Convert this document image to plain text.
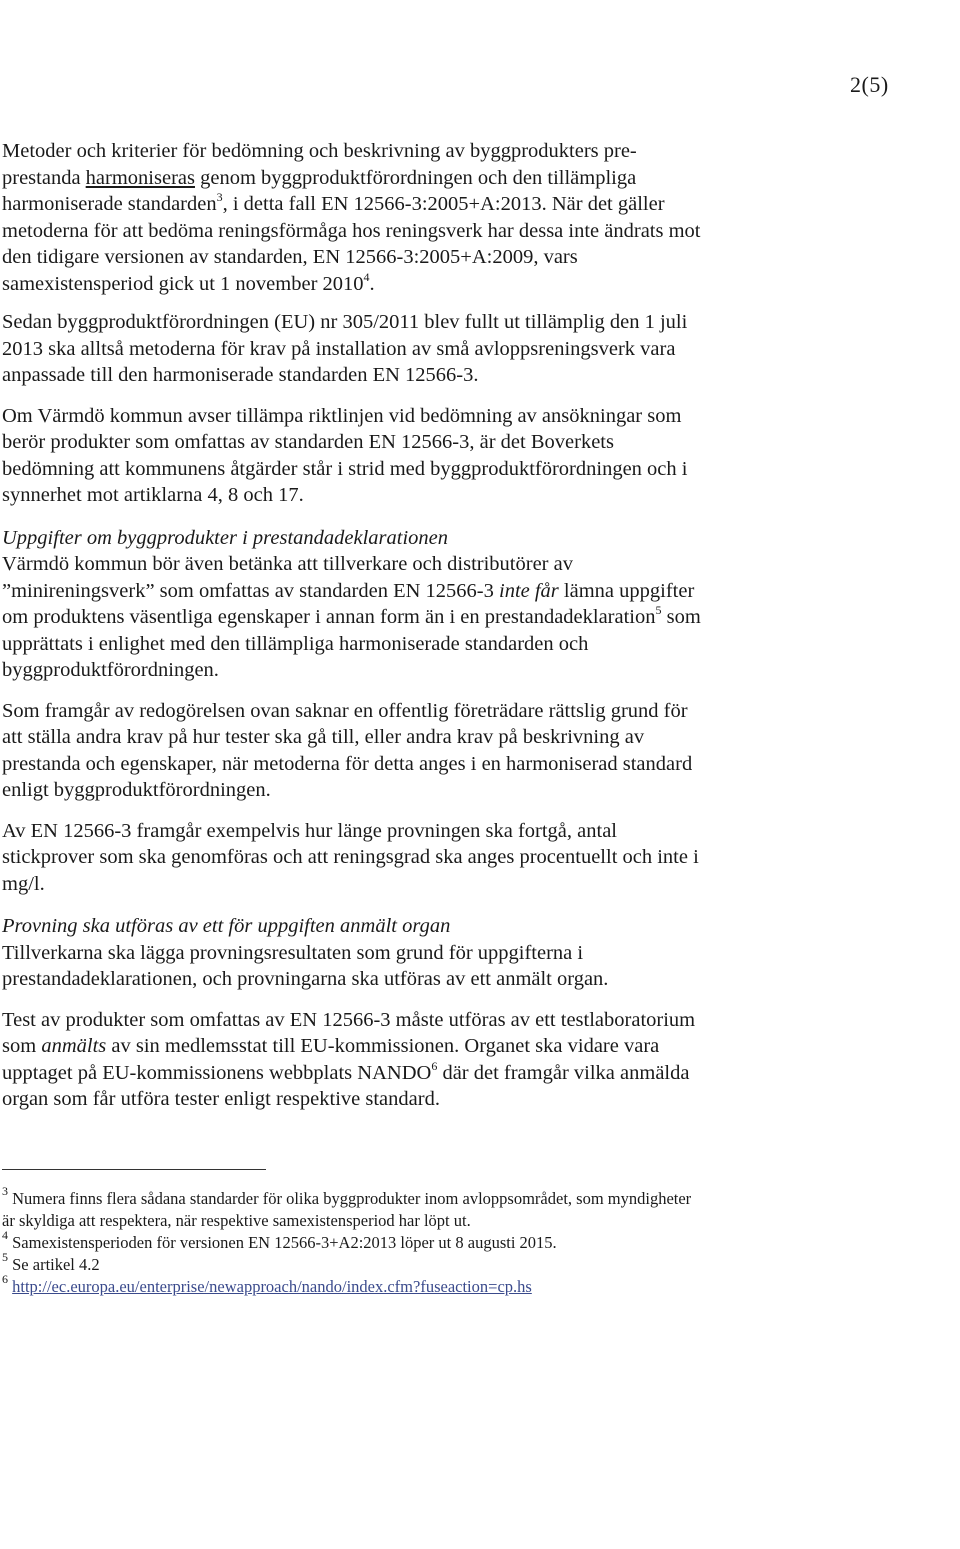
2(5)

Metoder och kriterier för bedömning och beskrivning av byggprodukters pre-prestanda harmoniseras genom byggproduktförordningen och den tillämpliga harmoniserade standarden$^3$, i detta fall EN 12566-3:2005+A:2013. När det gäller metoderna för att bedöma reningsförmåga hos reningsverk har dessa inte ändrats mot den tidigare versionen av standarden, EN 12566-3:2005+A:2009, vars samexistensperiod gick ut 1 november 2010$^4$.

Sedan byggproduktförordningen (EU) nr 305/2011 blev fullt ut tillämplig den 1 juli 2013 ska alltså metoderna för krav på installation av små avloppsreningsverk vara anpassade till den harmoniserade standarden EN 12566-3.

Om Värmdö kommun avser tillämpa riktlinjen vid bedömning av ansökningar som berör produkter som omfattas av standarden EN 12566-3, är det Boverkets bedömning att kommunens åtgärder står i strid med byggproduktförordningen och i synnerhet mot artiklarna 4, 8 och 17.

Uppgifter om byggprodukter i prestandadeklarationen

Värmdö kommun bör även betänka att tillverkare och distributörer av ”minireningsverk” som omfattas av standarden EN 12566-3 inte får lämna uppgifter om produktens väsentliga egenskaper i annan form än i en prestandadeklaration$^5$ som upprättats i enlighet med den tillämpliga harmoniserade standarden och byggproduktförordningen.

Som framgår av redogörelsen ovan saknar en offentlig företrädare rättslig grund för att ställa andra krav på hur tester ska gå till, eller andra krav på beskrivning av prestanda och egenskaper, när metoderna för detta anges i en harmoniserad standard enligt byggproduktförordningen.

Av EN 12566-3 framgår exempelvis hur länge provningen ska fortgå, antal stickprover som ska genomföras och att reningsgrad ska anges procentuellt och inte i mg/l.

Provning ska utföras av ett för uppgiften anmält organ

Tillverkarna ska lägga provningsresultaten som grund för uppgifterna i prestandadeklarationen, och provningarna ska utföras av ett anmält organ.

Test av produkter som omfattas av EN 12566-3 måste utföras av ett testlaboratorium som anmälts av sin medlemsstat till EU-kommissionen. Organet ska vidare vara upptaget på EU-kommissionens webbplats NANDO$^6$ där det framgår vilka anmälda organ som får utföra tester enligt respektive standard.

$^3$ Numera finns flera sådana standarder för olika byggprodukter inom avloppsområdet, som myndigheter är skyldiga att respektera, när respektive samexistensperiod har löpt ut.

$^4$ Samexistensperioden för versionen EN 12566-3+A2:2013 löper ut 8 augusti 2015.

$^5$ Se artikel 4.2

$^6$ http://ec.europa.eu/enterprise/newapproach/nando/index.cfm?fuseaction=cp.hs
